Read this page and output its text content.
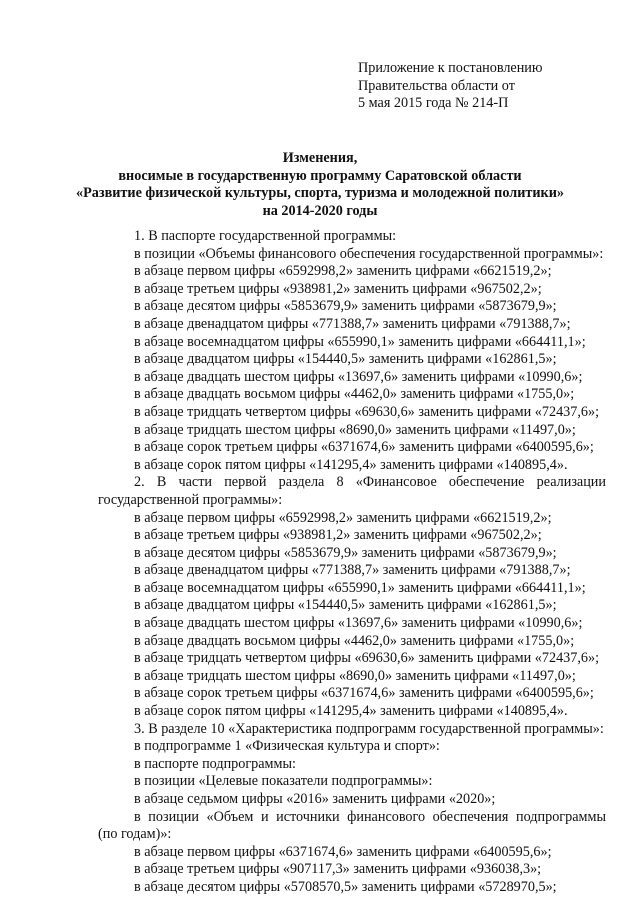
Приложение к постановлению
Правительства области от
5 мая 2015 года № 214-П
Изменения,
вносимые в государственную программу Саратовской области
«Развитие физической культуры, спорта, туризма и молодежной политики»
на 2014-2020 годы
1. В паспорте государственной программы:
в позиции «Объемы финансового обеспечения государственной программы»:
в абзаце первом цифры «6592998,2» заменить цифрами «6621519,2»;
в абзаце третьем цифры «938981,2» заменить цифрами «967502,2»;
в абзаце десятом цифры «5853679,9» заменить цифрами «5873679,9»;
в абзаце двенадцатом цифры «771388,7» заменить цифрами «791388,7»;
в абзаце восемнадцатом цифры «655990,1» заменить цифрами «664411,1»;
в абзаце двадцатом цифры «154440,5» заменить цифрами «162861,5»;
в абзаце двадцать шестом цифры «13697,6» заменить цифрами «10990,6»;
в абзаце двадцать восьмом цифры «4462,0» заменить цифрами «1755,0»;
в абзаце тридцать четвертом цифры «69630,6» заменить цифрами «72437,6»;
в абзаце тридцать шестом цифры «8690,0» заменить цифрами «11497,0»;
в абзаце сорок третьем цифры «6371674,6» заменить цифрами «6400595,6»;
в абзаце сорок пятом цифры «141295,4» заменить цифрами «140895,4».
2. В части первой раздела 8 «Финансовое обеспечение реализации
государственной программы»:
в абзаце первом цифры «6592998,2» заменить цифрами «6621519,2»;
в абзаце третьем цифры «938981,2» заменить цифрами «967502,2»;
в абзаце десятом цифры «5853679,9» заменить цифрами «5873679,9»;
в абзаце двенадцатом цифры «771388,7» заменить цифрами «791388,7»;
в абзаце восемнадцатом цифры «655990,1» заменить цифрами «664411,1»;
в абзаце двадцатом цифры «154440,5» заменить цифрами «162861,5»;
в абзаце двадцать шестом цифры «13697,6» заменить цифрами «10990,6»;
в абзаце двадцать восьмом цифры «4462,0» заменить цифрами «1755,0»;
в абзаце тридцать четвертом цифры «69630,6» заменить цифрами «72437,6»;
в абзаце тридцать шестом цифры «8690,0» заменить цифрами «11497,0»;
в абзаце сорок третьем цифры «6371674,6» заменить цифрами «6400595,6»;
в абзаце сорок пятом цифры «141295,4» заменить цифрами «140895,4».
3. В разделе 10 «Характеристика подпрограмм государственной программы»:
в подпрограмме 1 «Физическая культура и спорт»:
в паспорте подпрограммы:
в позиции «Целевые показатели подпрограммы»:
в абзаце седьмом цифры «2016» заменить цифрами «2020»;
в позиции «Объем и источники финансового обеспечения подпрограммы
(по годам)»:
в абзаце первом цифры «6371674,6» заменить цифрами «6400595,6»;
в абзаце третьем цифры «907117,3» заменить цифрами «936038,3»;
в абзаце десятом цифры «5708570,5» заменить цифрами «5728970,5»;
